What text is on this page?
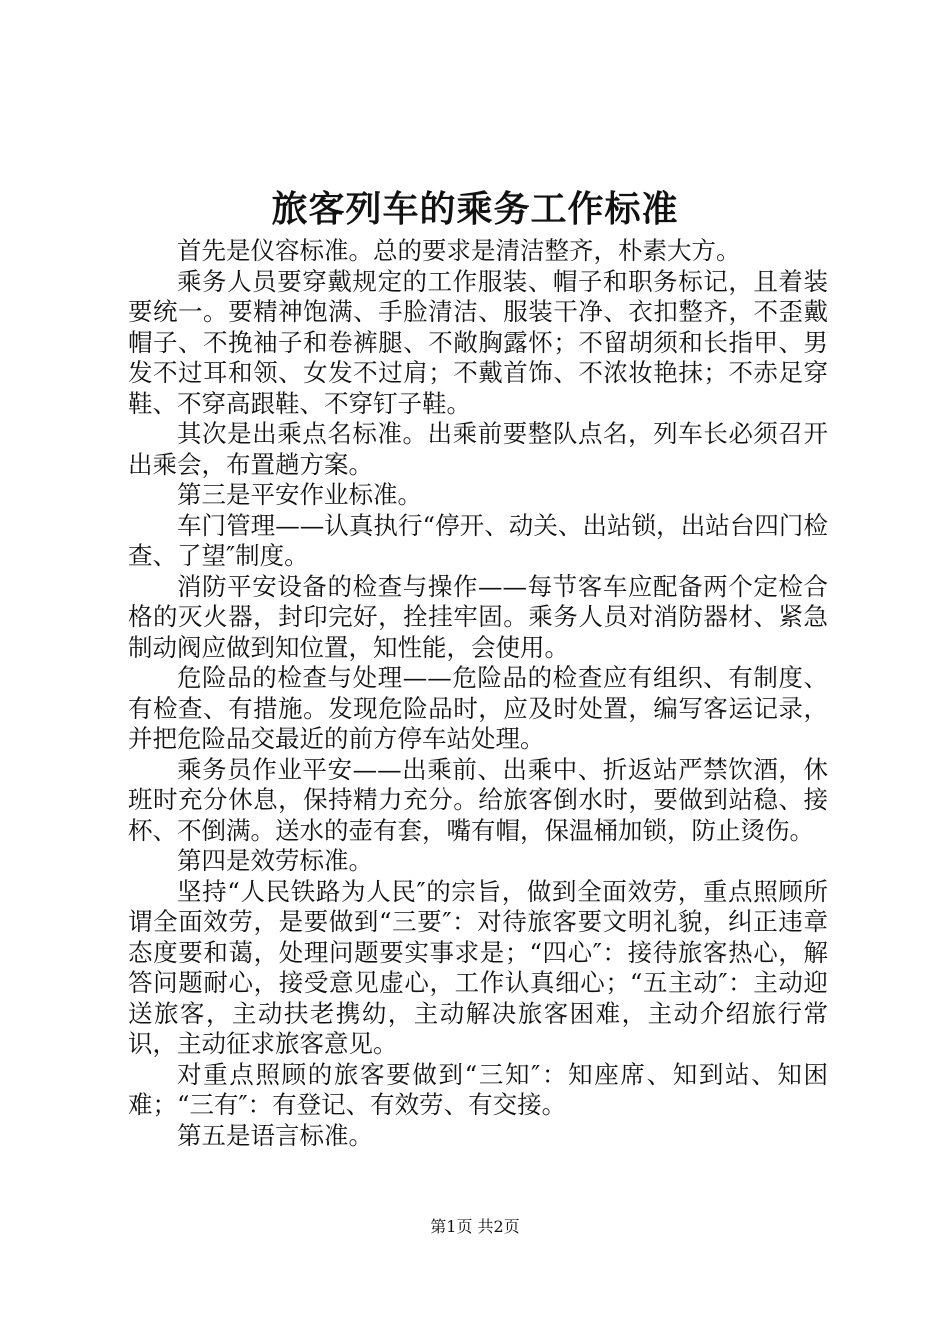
旅客列车的乘务工作标准

首先是仪容标准。总的要求是清洁整齐，朴素大方。

乘务人员要穿戴规定的工作服装、帽子和职务标记，且着装要统一。要精神饱满、手脸清洁、服装干净、衣扣整齐，不歪戴帽子、不挽袖子和卷裤腿、不敞胸露怀；不留胡须和长指甲、男发不过耳和领、女发不过肩；不戴首饰、不浓妆艳抹；不赤足穿鞋、不穿高跟鞋、不穿钉子鞋。

其次是出乘点名标准。出乘前要整队点名，列车长必须召开出乘会，布置趟方案。

第三是平安作业标准。

车门管理——认真执行“停开、动关、出站锁，出站台四门检查、了望″制度。

消防平安设备的检查与操作——每节客车应配备两个定检合格的灭火器，封印完好，拴挂牢固。乘务人员对消防器材、紧急制动阀应做到知位置，知性能，会使用。

危险品的检查与处理——危险品的检查应有组织、有制度、有检查、有措施。发现危险品时，应及时处置，编写客运记录，并把危险品交最近的前方停车站处理。

乘务员作业平安——出乘前、出乘中、折返站严禁饮酒，休班时充分休息，保持精力充分。给旅客倒水时，要做到站稳、接杯、不倒满。送水的壶有套，嘴有帽，保温桶加锁，防止烫伤。

第四是效劳标准。

坚持“人民铁路为人民″的宗旨，做到全面效劳，重点照顾所谓全面效劳，是要做到“三要″：对待旅客要文明礼貌，纠正违章态度要和蔼，处理问题要实事求是；“四心″：接待旅客热心，解答问题耐心，接受意见虚心，工作认真细心；“五主动″：主动迎送旅客，主动扶老携幼，主动解决旅客困难，主动介绍旅行常识，主动征求旅客意见。

对重点照顾的旅客要做到“三知″：知座席、知到站、知困难；“三有″：有登记、有效劳、有交接。

第五是语言标准。

第1页 共2页
